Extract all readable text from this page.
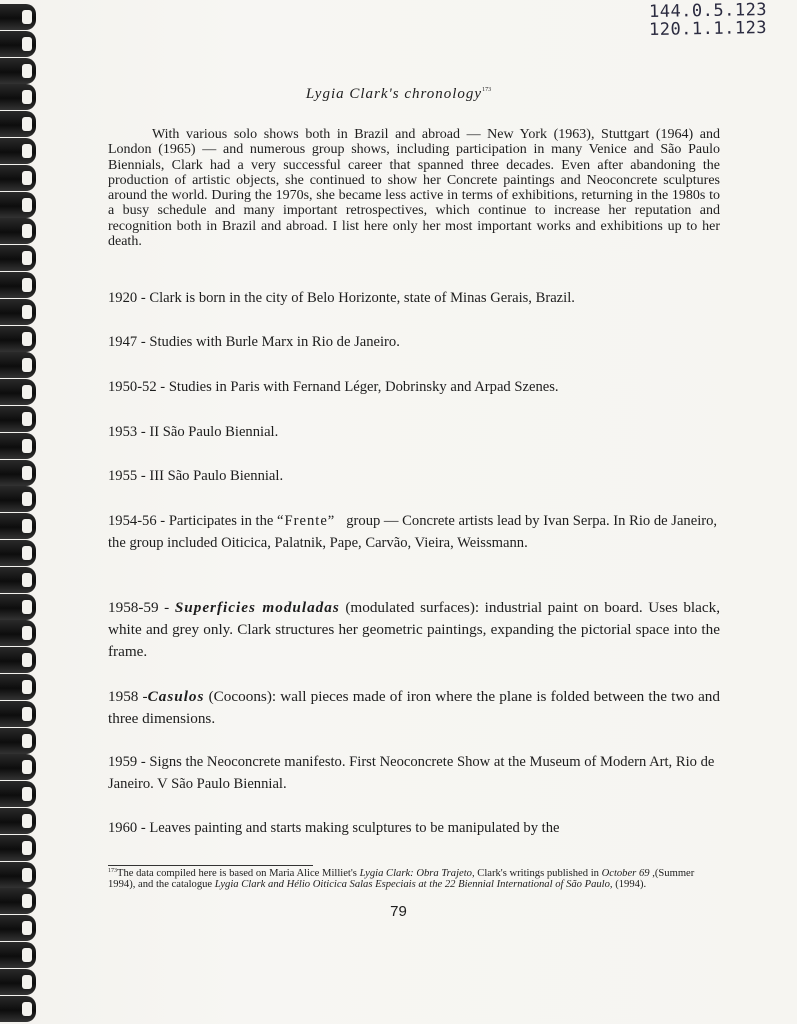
144.0.5.123
120.1.1.123
Lygia Clark's chronology$^{173}$

With various solo shows both in Brazil and abroad — New York (1963), Stuttgart (1964) and London (1965) — and numerous group shows, including participation in many Venice and São Paulo Biennials, Clark had a very successful career that spanned three decades. Even after abandoning the production of artistic objects, she continued to show her Concrete paintings and Neoconcrete sculptures around the world. During the 1970s, she became less active in terms of exhibitions, returning in the 1980s to a busy schedule and many important retrospectives, which continue to increase her reputation and recognition both in Brazil and abroad. I list here only her most important works and exhibitions up to her death.

1920 - Clark is born in the city of Belo Horizonte, state of Minas Gerais, Brazil.

1947 - Studies with Burle Marx in Rio de Janeiro.

1950-52 - Studies in Paris with Fernand Léger, Dobrinsky and Arpad Szenes.

1953 - II São Paulo Biennial.

1955 - III São Paulo Biennial.

1954-56 - Participates in the “Frente” group — Concrete artists lead by Ivan Serpa. In Rio de Janeiro, the group included Oiticica, Palatnik, Pape, Carvão, Vieira, Weissmann.

1958-59 - Superficies moduladas (modulated surfaces): industrial paint on board. Uses black, white and grey only. Clark structures her geometric paintings, expanding the pictorial space into the frame.

1958 -Casulos (Cocoons): wall pieces made of iron where the plane is folded between the two and three dimensions.

1959 - Signs the Neoconcrete manifesto. First Neoconcrete Show at the Museum of Modern Art, Rio de Janeiro. V São Paulo Biennial.

1960 - Leaves painting and starts making sculptures to be manipulated by the

$^{173}$The data compiled here is based on Maria Alice Milliet's Lygia Clark: Obra Trajeto, Clark's writings published in October 69 ,(Summer 1994), and the catalogue Lygia Clark and Hélio Oiticica Salas Especiais at the 22 Biennial International of São Paulo, (1994).

79
